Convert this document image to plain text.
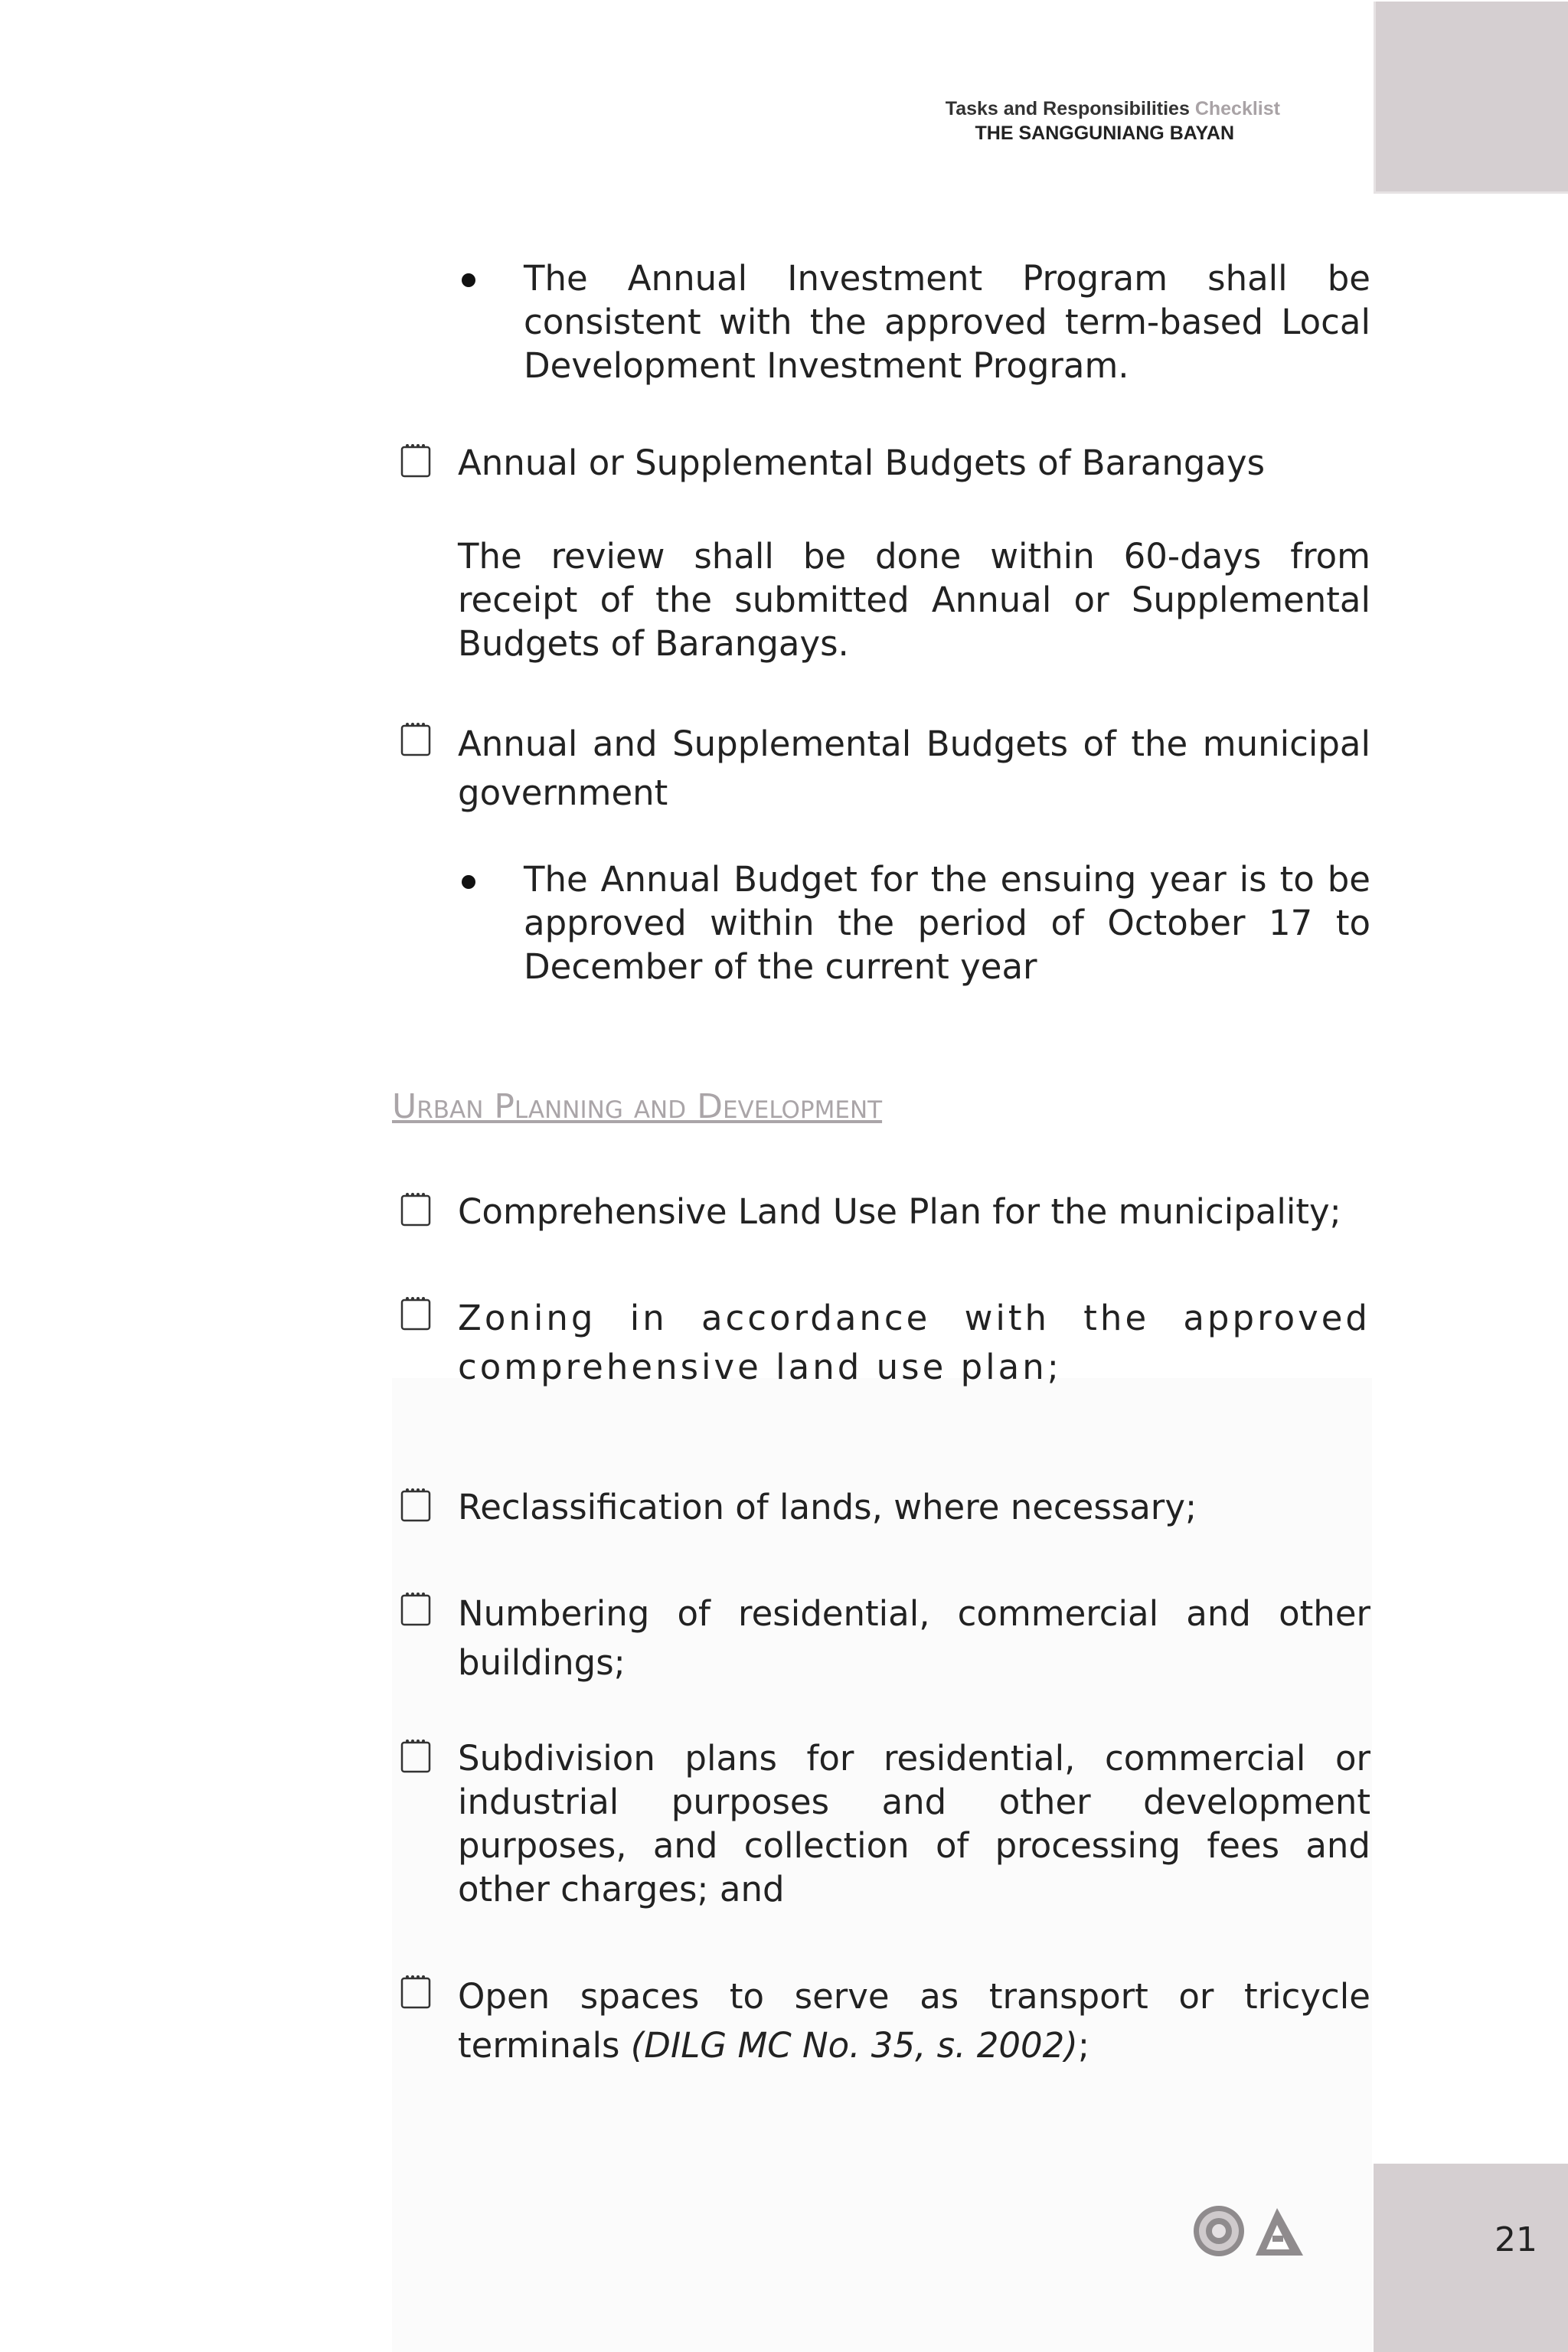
Tasks and Responsibilities Checklist
THE SANGGUNIANG BAYAN
The Annual Investment Program shall be consistent with the approved term-based Local Development Investment Program.
Annual or Supplemental Budgets of Barangays
The review shall be done within 60-days from receipt of the submitted Annual or Supplemental Budgets of Barangays.
Annual and Supplemental Budgets of the municipal government
The Annual Budget for the ensuing year is to be approved within the period of October 17 to December of the current year
Urban Planning and Development
Comprehensive Land Use Plan for the municipality;
Zoning in accordance with the approved comprehensive land use plan;
Reclassification of lands, where necessary;
Numbering of residential, commercial and other buildings;
Subdivision plans for residential, commercial or industrial purposes and other development purposes, and collection of processing fees and other charges; and
Open spaces to serve as transport or tricycle terminals (DILG MC No. 35, s. 2002);
21
